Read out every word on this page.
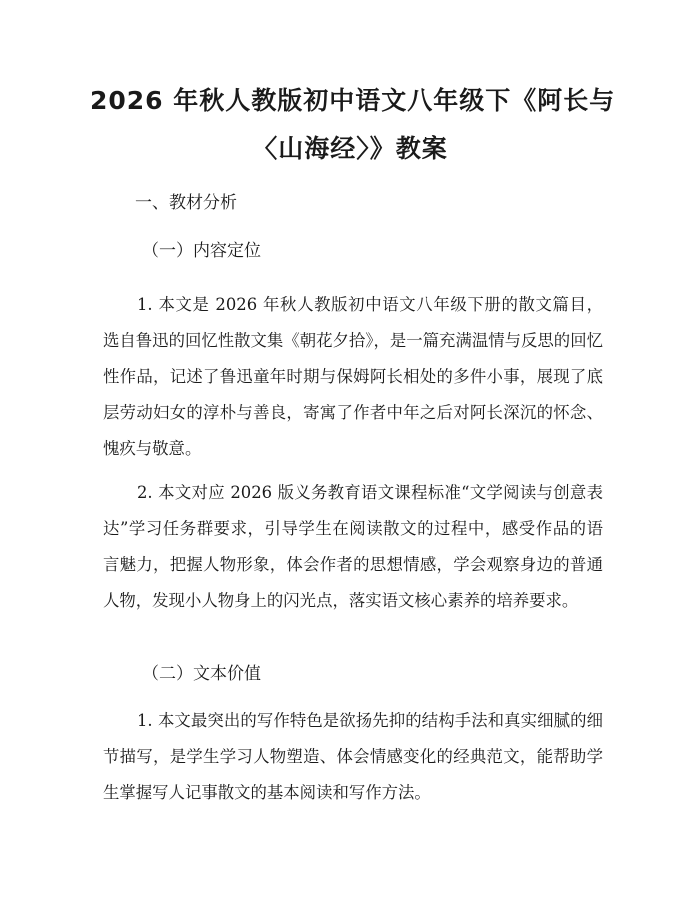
2026 年秋人教版初中语文八年级下《阿长与
〈山海经〉》教案

一、教材分析

（一）内容定位

1. 本文是 2026 年秋人教版初中语文八年级下册的散文篇目，选自鲁迅的回忆性散文集《朝花夕拾》，是一篇充满温情与反思的回忆性作品，记述了鲁迅童年时期与保姆阿长相处的多件小事，展现了底层劳动妇女的淳朴与善良，寄寓了作者中年之后对阿长深沉的怀念、愧疚与敬意。

2. 本文对应 2026 版义务教育语文课程标准“文学阅读与创意表达”学习任务群要求，引导学生在阅读散文的过程中，感受作品的语言魅力，把握人物形象，体会作者的思想情感，学会观察身边的普通人物，发现小人物身上的闪光点，落实语文核心素养的培养要求。

（二）文本价值

1. 本文最突出的写作特色是欲扬先抑的结构手法和真实细腻的细节描写，是学生学习人物塑造、体会情感变化的经典范文，能帮助学生掌握写人记事散文的基本阅读和写作方法。
